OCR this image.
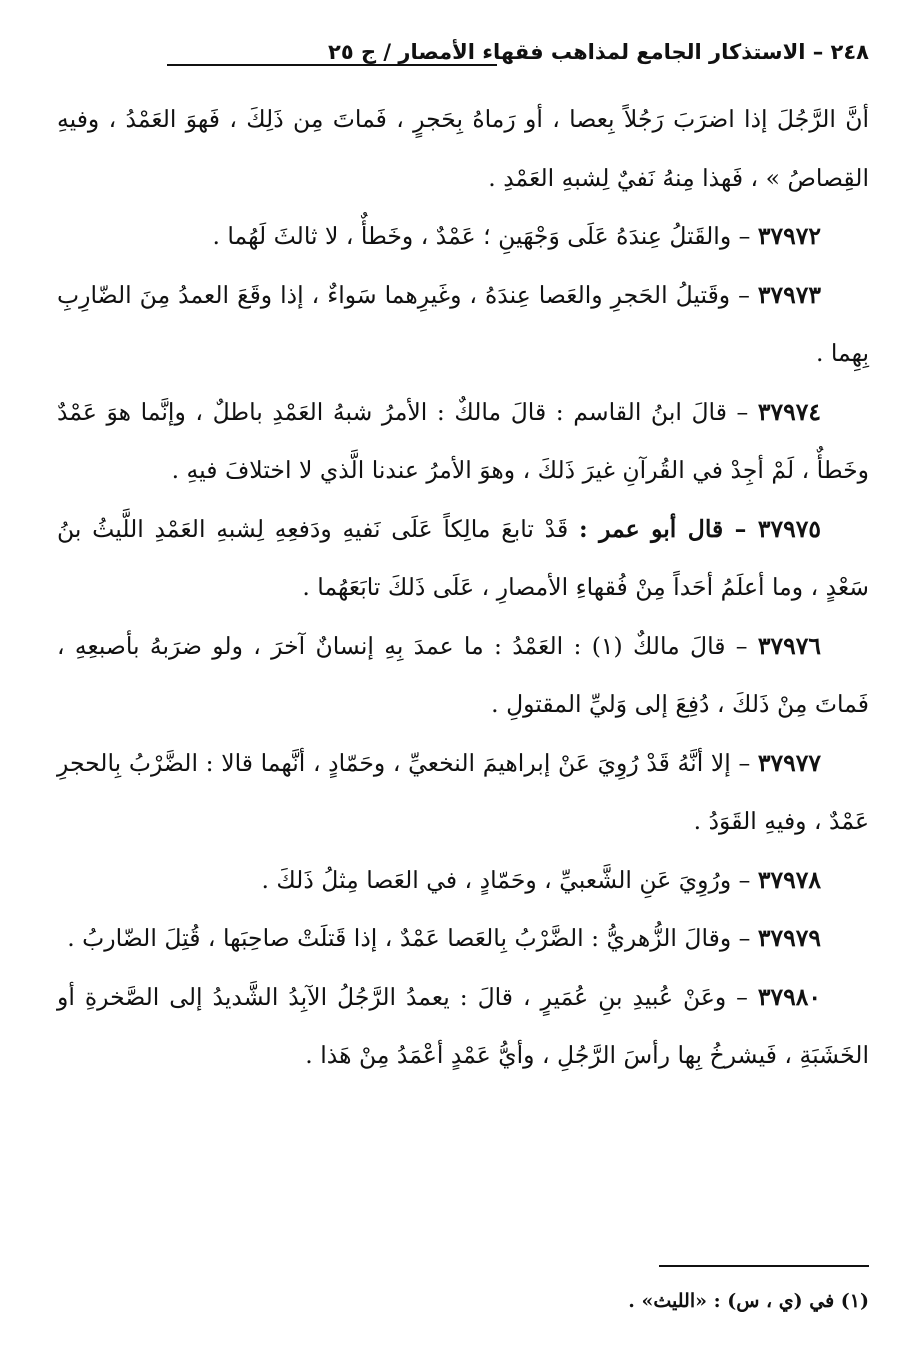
٢٤٨ – الاستذكار الجامع لمذاهب فقهاء الأمصار / ج ٢٥

أنَّ الرَّجُلَ إذا اضرَبَ رَجُلاً بِعصا ، أو رَماهُ بِحَجرٍ ، فَماتَ مِن ذَلِكَ ، فَهوَ العَمْدُ ، وفيهِ القِصاصُ » ، فَهذا مِنهُ نَفيٌ لِشبهِ العَمْدِ .

٣٧٩٧٢ – والقَتلُ عِندَهُ عَلَى وَجْهَينِ ؛ عَمْدٌ ، وخَطأٌ ، لا ثالثَ لَهُما .

٣٧٩٧٣ – وقَتيلُ الحَجرِ والعَصا عِندَهُ ، وغَيرِهما سَواءٌ ، إذا وقَعَ العمدُ مِنَ الضّارِبِ بِهِما .

٣٧٩٧٤ – قالَ ابنُ القاسم : قالَ مالكٌ : الأمرُ شبهُ العَمْدِ باطلٌ ، وإنَّما هوَ عَمْدٌ وخَطأٌ ، لَمْ أجِدْ في القُرآنِ غيرَ ذَلكَ ، وهوَ الأمرُ عندنا الَّذي لا اختلافَ فيهِ .

٣٧٩٧٥ – قال أبو عمر : قَدْ تابعَ مالِكاً عَلَى نَفيهِ ودَفعِهِ لِشبهِ العَمْدِ اللَّيثُ بنُ سَعْدٍ ، وما أعلَمُ أحَداً مِنْ فُقهاءِ الأمصارِ ، عَلَى ذَلكَ تابَعَهُما .

٣٧٩٧٦ – قالَ مالكٌ (١) : العَمْدُ : ما عمدَ بِهِ إنسانٌ آخرَ ، ولو ضرَبهُ بأصبعِهِ ، فَماتَ مِنْ ذَلكَ ، دُفِعَ إلى وَليِّ المقتولِ .

٣٧٩٧٧ – إلا أنَّهُ قَدْ رُوِيَ عَنْ إبراهيمَ النخعيِّ ، وحَمّادٍ ، أنَّهما قالا : الضَّرْبُ بِالحجرِ عَمْدٌ ، وفيهِ القَوَدُ .

٣٧٩٧٨ – ورُوِيَ عَنِ الشَّعبيِّ ، وحَمّادٍ ، في العَصا مِثلُ ذَلكَ .

٣٧٩٧٩ – وقالَ الزُّهريُّ : الضَّرْبُ بِالعَصا عَمْدٌ ، إذا قَتلَتْ صاحِبَها ، قُتِلَ الضّاربُ .

٣٧٩٨٠ – وعَنْ عُبيدِ بنِ عُمَيرٍ ، قالَ : يعمدُ الرَّجُلُ الآبِدُ الشَّديدُ إلى الصَّخرةِ أو الخَشَبَةِ ، فَيشرخُ بِها رأسَ الرَّجُلِ ، وأيُّ عَمْدٍ أعْمَدُ مِنْ هَذا .

(١) في (ي ، س) : «الليث» .
